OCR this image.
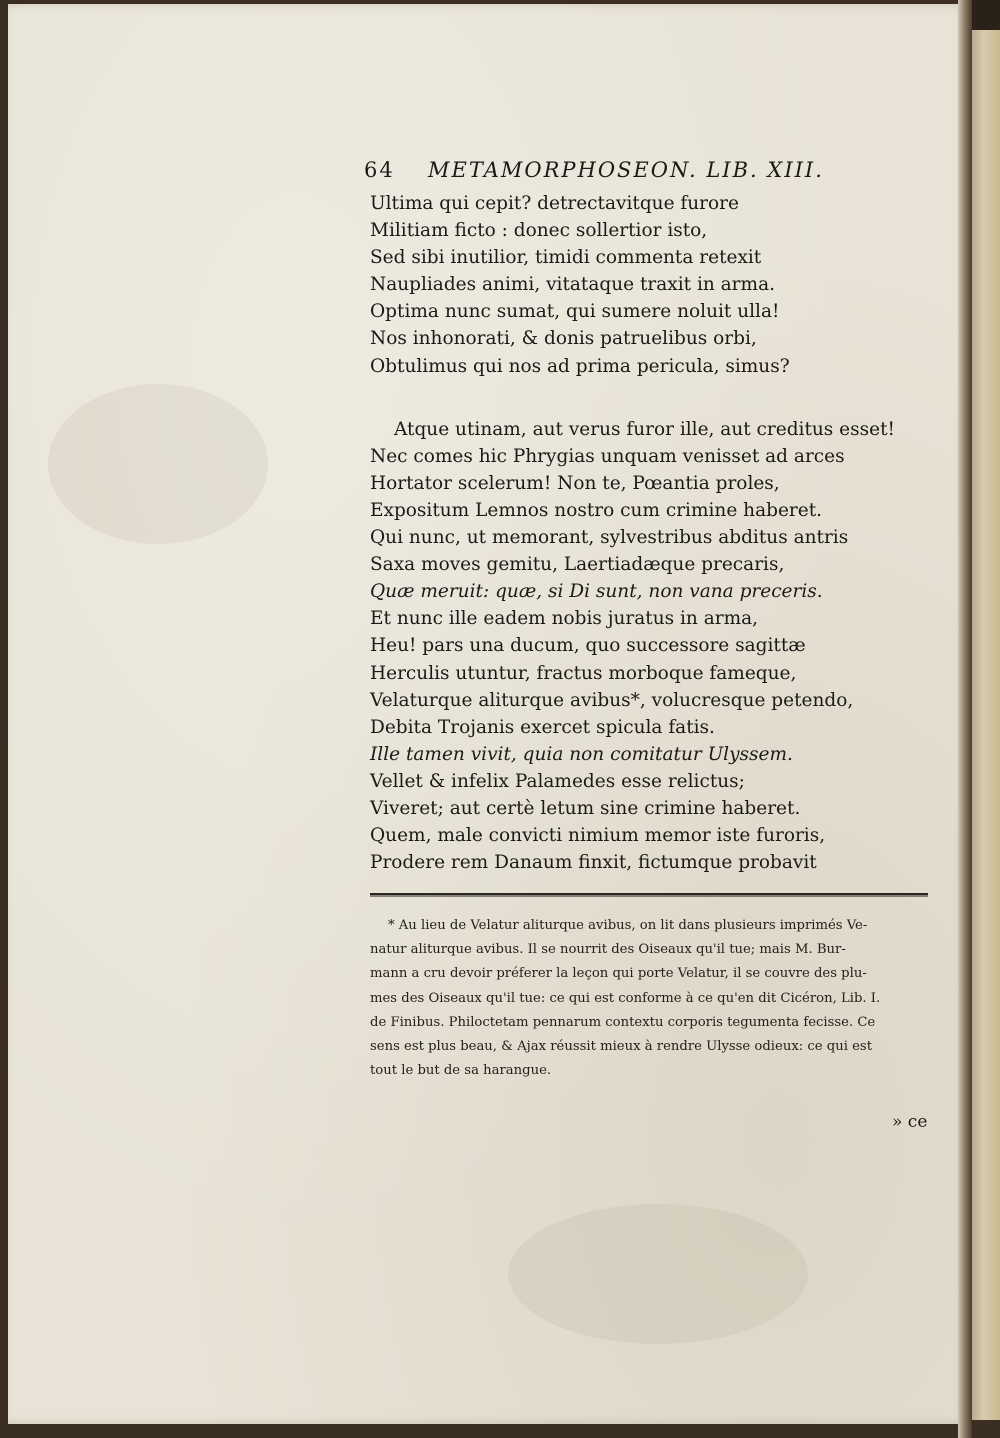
64 METAMORPHOSEON. LIB. XIII.
Ultima qui cepit? detrectavitque furore
Militiam ficto : donec sollertior isto,
Sed sibi inutilior, timidi commenta retexit
Naupliades animi, vitataque traxit in arma.
Optima nunc sumat, qui sumere noluit ulla!
Nos inhonorati, & donis patruelibus orbi,
Obtulimus qui nos ad prima pericula, simus?
Atque utinam, aut verus furor ille, aut creditus esset!
Nec comes hic Phrygias unquam venisset ad arces
Hortator scelerum! Non te, Pœantia proles,
Expositum Lemnos nostro cum crimine haberet.
Qui nunc, ut memorant, sylvestribus abditus antris
Saxa moves gemitu, Laertiadæque precaris,
Quæ meruit: quæ, si Di sunt, non vana preceris.
Et nunc ille eadem nobis juratus in arma,
Heu! pars una ducum, quo successore sagittæ
Herculis utuntur, fractus morboque fameque,
Velaturque aliturque avibus*, volucresque petendo,
Debita Trojanis exercet spicula fatis.
Ille tamen vivit, quia non comitatur Ulyssem.
Vellet & infelix Palamedes esse relictus;
Viveret; aut certè letum sine crimine haberet.
Quem, male convicti nimium memor iste furoris,
Prodere rem Danaum finxit, fictumque probavit
* Au lieu de Velatur aliturque avibus, on lit dans plusieurs imprimés Ve-
natur aliturque avibus. Il se nourrit des Oiseaux qu'il tue; mais M. Bur-
mann a cru devoir préferer la leçon qui porte Velatur, il se couvre des plu-
mes des Oiseaux qu'il tue: ce qui est conforme à ce qu'en dit Cicéron, Lib. I.
de Finibus. Philoctetam pennarum contextu corporis tegumenta fecisse. Ce
sens est plus beau, & Ajax réussit mieux à rendre Ulysse odieux: ce qui est
tout le but de sa harangue.
» ce
